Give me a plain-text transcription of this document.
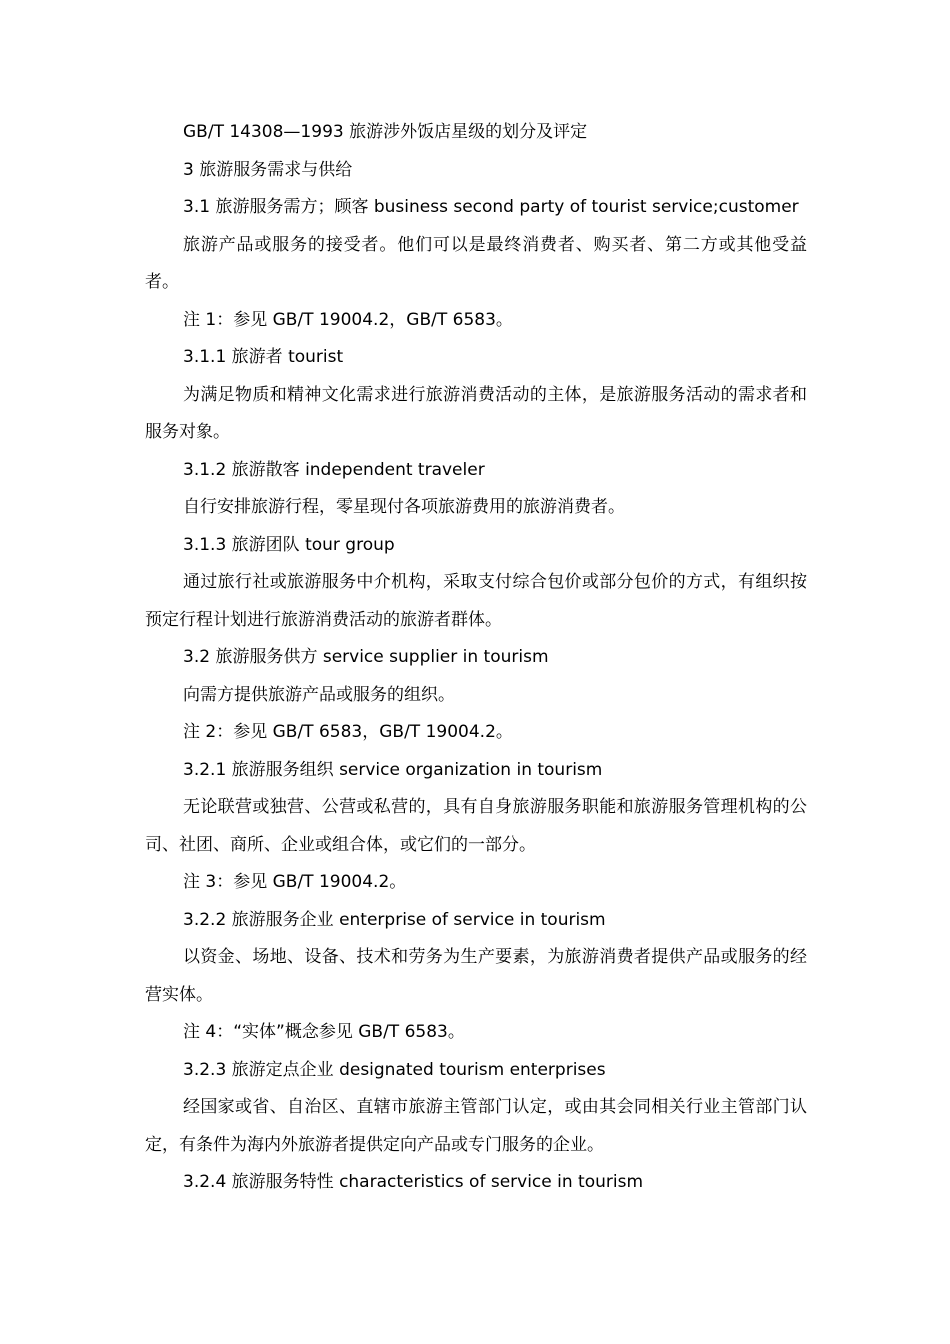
GB/T 14308—1993 旅游涉外饭店星级的划分及评定
3 旅游服务需求与供给
3.1 旅游服务需方；顾客 business second party of tourist service;customer

旅游产品或服务的接受者。他们可以是最终消费者、购买者、第二方或其他受益者。

注 1：参见 GB/T 19004.2，GB/T 6583。
3.1.1 旅游者 tourist

为满足物质和精神文化需求进行旅游消费活动的主体，是旅游服务活动的需求者和服务对象。

3.1.2 旅游散客 independent traveler
自行安排旅游行程，零星现付各项旅游费用的旅游消费者。
3.1.3 旅游团队 tour group

通过旅行社或旅游服务中介机构，采取支付综合包价或部分包价的方式，有组织按预定行程计划进行旅游消费活动的旅游者群体。

3.2 旅游服务供方 service supplier in tourism
向需方提供旅游产品或服务的组织。
注 2：参见 GB/T 6583，GB/T 19004.2。
3.2.1 旅游服务组织 service organization in tourism

无论联营或独营、公营或私营的，具有自身旅游服务职能和旅游服务管理机构的公司、社团、商所、企业或组合体，或它们的一部分。

注 3：参见 GB/T 19004.2。
3.2.2 旅游服务企业 enterprise of service in tourism

以资金、场地、设备、技术和劳务为生产要素，为旅游消费者提供产品或服务的经营实体。

注 4：“实体”概念参见 GB/T 6583。
3.2.3 旅游定点企业 designated tourism enterprises

经国家或省、自治区、直辖市旅游主管部门认定，或由其会同相关行业主管部门认定，有条件为海内外旅游者提供定向产品或专门服务的企业。

3.2.4 旅游服务特性 characteristics of service in tourism
